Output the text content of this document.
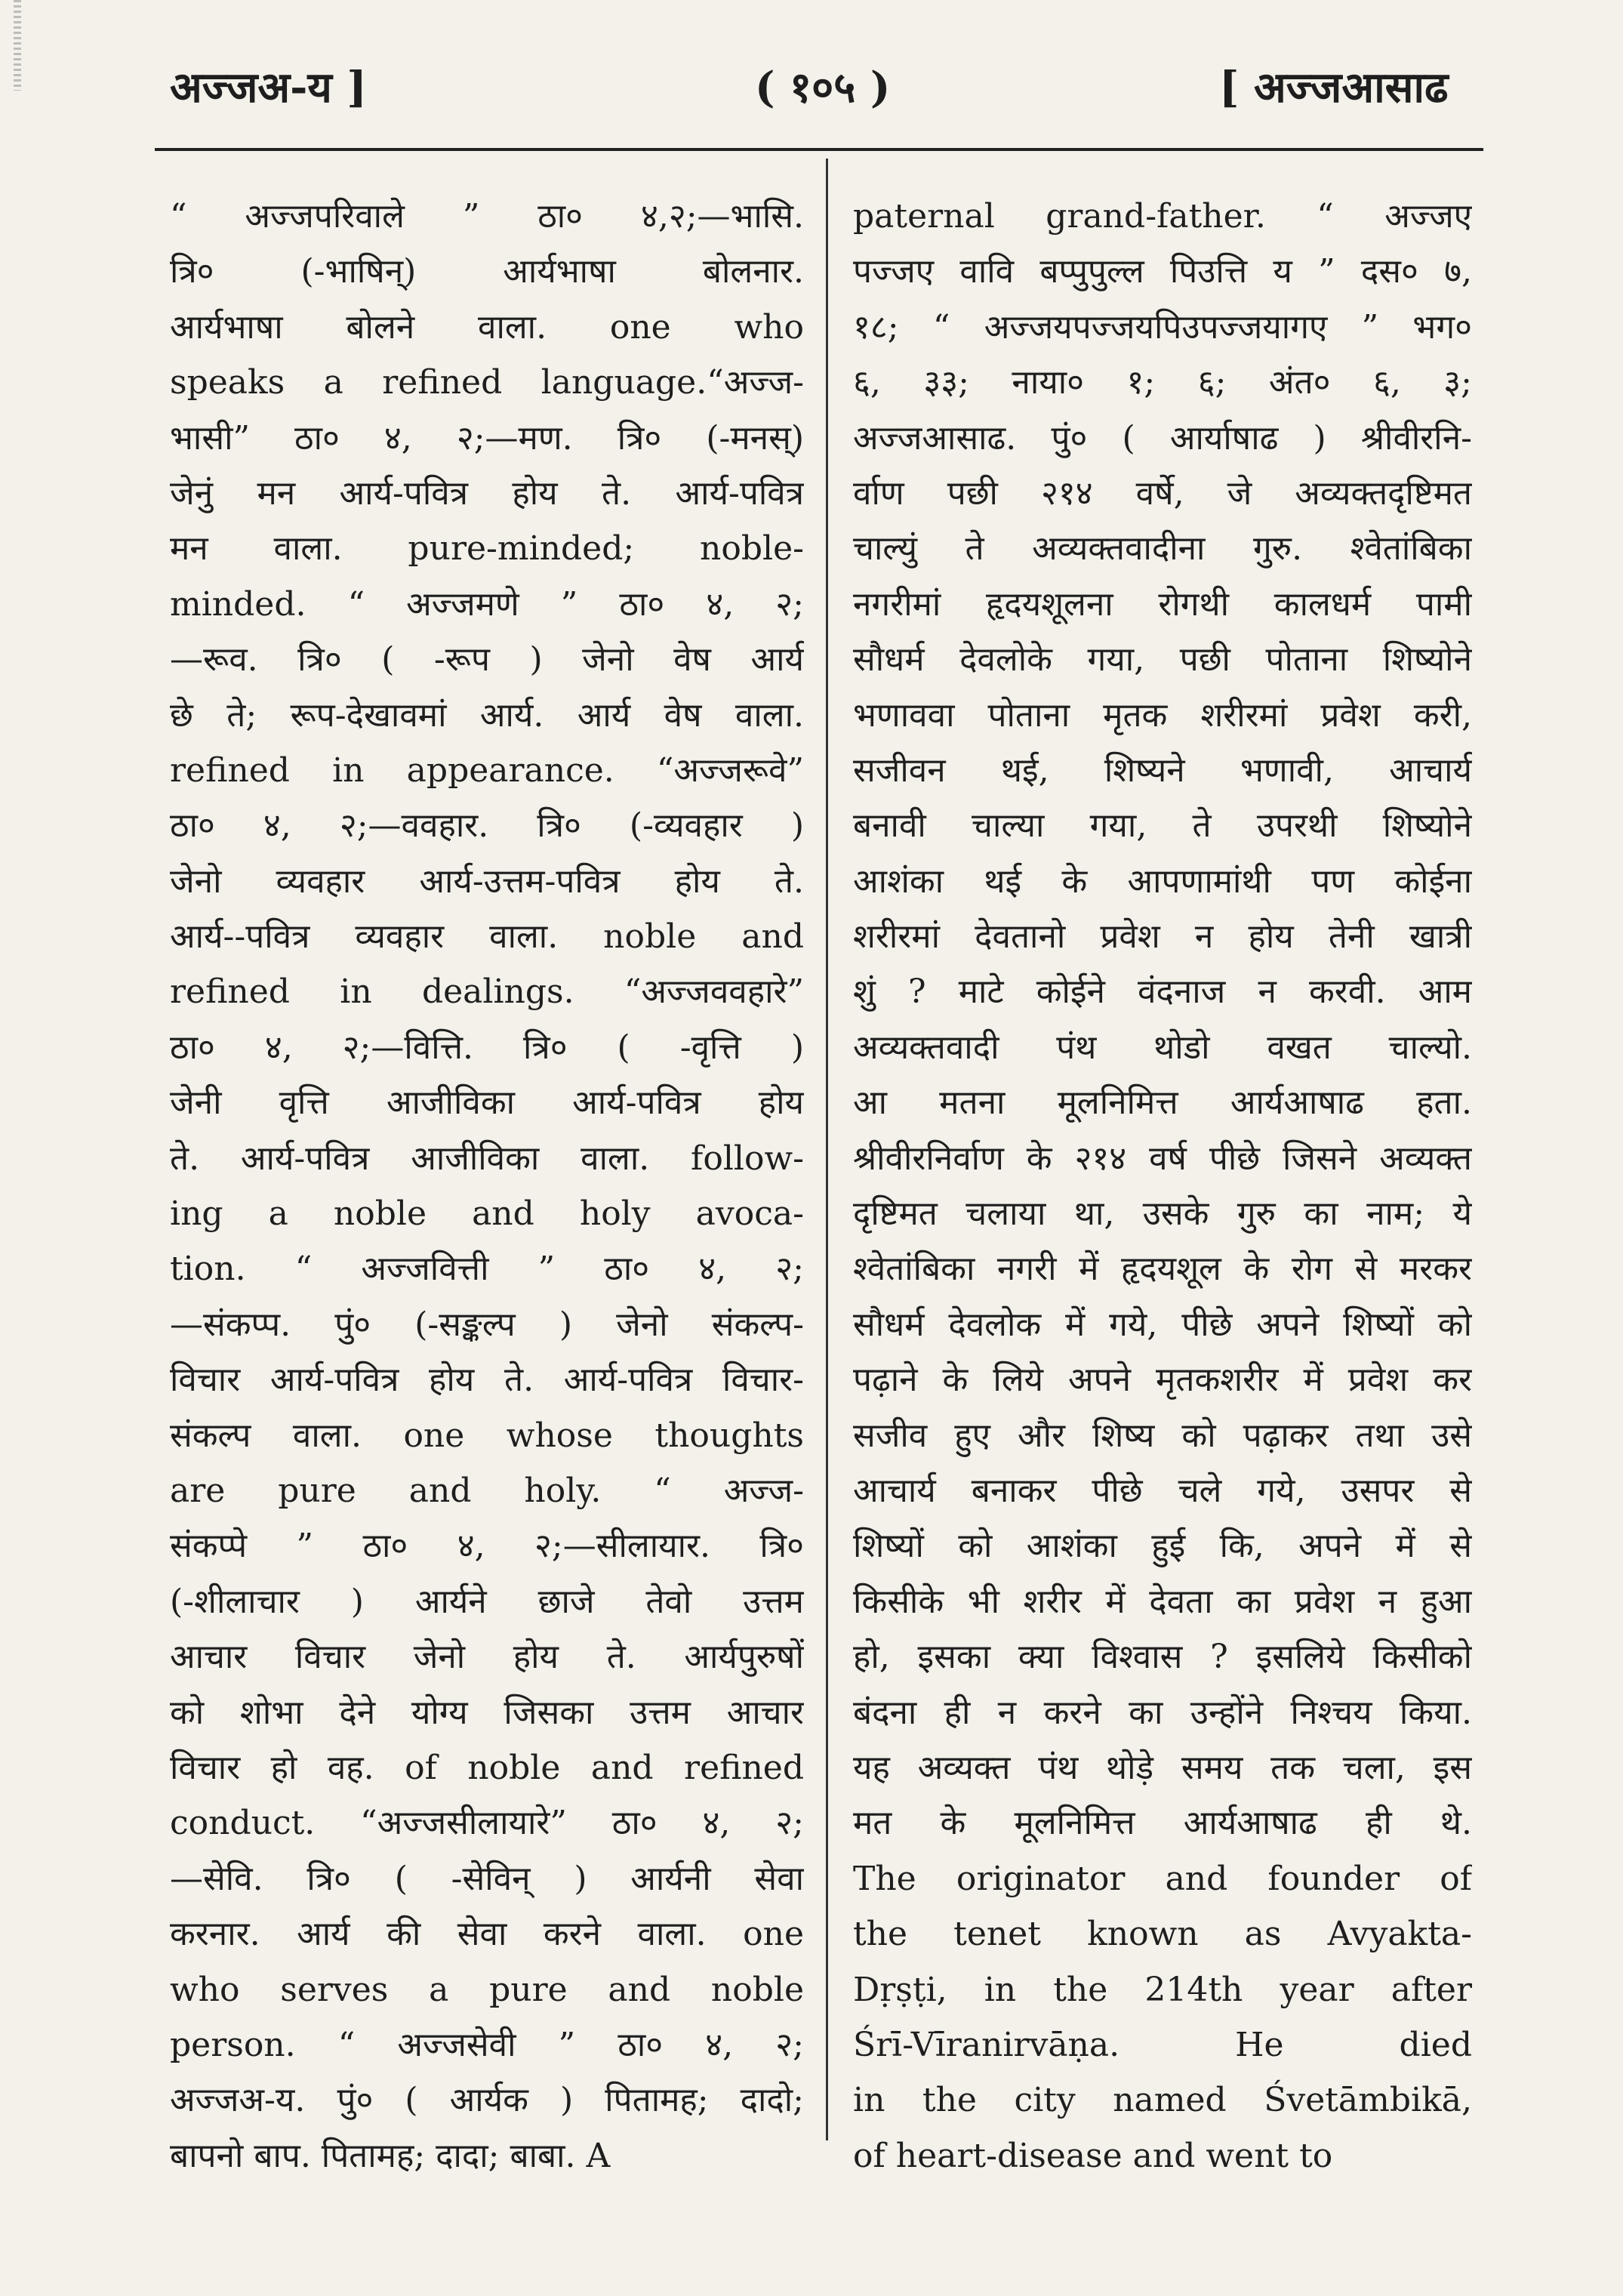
अज्जअ-य ]	( १०५ )	[ अज्जआसाढ
“ अज्जपरिवाले ” ठा० ४,२;—भासि.
त्रि० (-भाषिन्) आर्यभाषा बोलनार.
आर्यभाषा बोलने वाला. one who
speaks a refined language.“अज्ज-
भासी” ठा० ४, २;—मण. त्रि० (-मनस्)
जेनुं मन आर्य-पवित्र होय ते. आर्य-पवित्र
मन वाला. pure-minded; noble-
minded. “ अज्जमणे ” ठा० ४, २;
—रूव. त्रि० ( -रूप ) जेनो वेष आर्य
छे ते; रूप-देखावमां आर्य. आर्य वेष वाला.
refined in appearance. “अज्जरूवे”
ठा० ४, २;—ववहार. त्रि० (-व्यवहार )
जेनो व्यवहार आर्य-उत्तम-पवित्र होय ते.
आर्य--पवित्र व्यवहार वाला. noble and
refined in dealings. “अज्जववहारे”
ठा० ४, २;—वित्ति. त्रि० ( -वृत्ति )
जेनी वृत्ति आजीविका आर्य-पवित्र होय
ते. आर्य-पवित्र आजीविका वाला. follow-
ing a noble and holy avoca-
tion. “ अज्जवित्ती ” ठा० ४, २;
—संकप्प. पुं० (-सङ्कल्प ) जेनो संकल्प-
विचार आर्य-पवित्र होय ते. आर्य-पवित्र विचार-
संकल्प वाला. one whose thoughts
are pure and holy. “ अज्ज-
संकप्पे ” ठा० ४, २;—सीलायार. त्रि०
(-शीलाचार ) आर्यने छाजे तेवो उत्तम
आचार विचार जेनो होय ते. आर्यपुरुषों
को शोभा देने योग्य जिसका उत्तम आचार
विचार हो वह. of noble and refined
conduct. “अज्जसीलायारे” ठा० ४, २;
—सेवि. त्रि० ( -सेविन् ) आर्यनी सेवा
करनार. आर्य की सेवा करने वाला. one
who serves a pure and noble
person. “ अज्जसेवी ” ठा० ४, २;
अज्जअ-य. पुं० ( आर्यक ) पितामह; दादो;
बापनो बाप. पितामह; दादा; बाबा. A
paternal grand-father. “ अज्जए
पज्जए वावि बप्पुपुल्ल पिउत्ति य ” दस० ७,
१८; “ अज्जयपज्जयपिउपज्जयागए ” भग०
६, ३३; नाया० १; ६; अंत० ६, ३;
अज्जआसाढ. पुं० ( आर्याषाढ ) श्रीवीरनि-
र्वाण पछी २१४ वर्षे, जे अव्यक्तदृष्टिमत
चाल्युं ते अव्यक्तवादीना गुरु. श्वेतांबिका
नगरीमां हृदयशूलना रोगथी कालधर्म पामी
सौधर्म देवलोके गया, पछी पोताना शिष्योने
भणाववा पोताना मृतक शरीरमां प्रवेश करी,
सजीवन थई, शिष्यने भणावी, आचार्य
बनावी चाल्या गया, ते उपरथी शिष्योने
आशंका थई के आपणामांथी पण कोईना
शरीरमां देवतानो प्रवेश न होय तेनी खात्री
शुं ? माटे कोईने वंदनाज न करवी. आम
अव्यक्तवादी पंथ थोडो वखत चाल्यो.
आ मतना मूलनिमित्त आर्यआषाढ हता.
श्रीवीरनिर्वाण के २१४ वर्ष पीछे जिसने अव्यक्त
दृष्टिमत चलाया था, उसके गुरु का नाम; ये
श्वेतांबिका नगरी में हृदयशूल के रोग से मरकर
सौधर्म देवलोक में गये, पीछे अपने शिष्यों को
पढ़ाने के लिये अपने मृतकशरीर में प्रवेश कर
सजीव हुए और शिष्य को पढ़ाकर तथा उसे
आचार्य बनाकर पीछे चले गये, उसपर से
शिष्यों को आशंका हुई कि, अपने में से
किसीके भी शरीर में देवता का प्रवेश न हुआ
हो, इसका क्या विश्वास ? इसलिये किसीको
बंदना ही न करने का उन्होंने निश्चय किया.
यह अव्यक्त पंथ थोड़े समय तक चला, इस
मत के मूलनिमित्त आर्यआषाढ ही थे.
The originator and founder of
the tenet known as Avyakta-
Dṛṣṭi, in the 214th year after
Śrī-Vīranirvāṇa. He died
in the city named Śvetāmbikā,
of heart-disease and went to
